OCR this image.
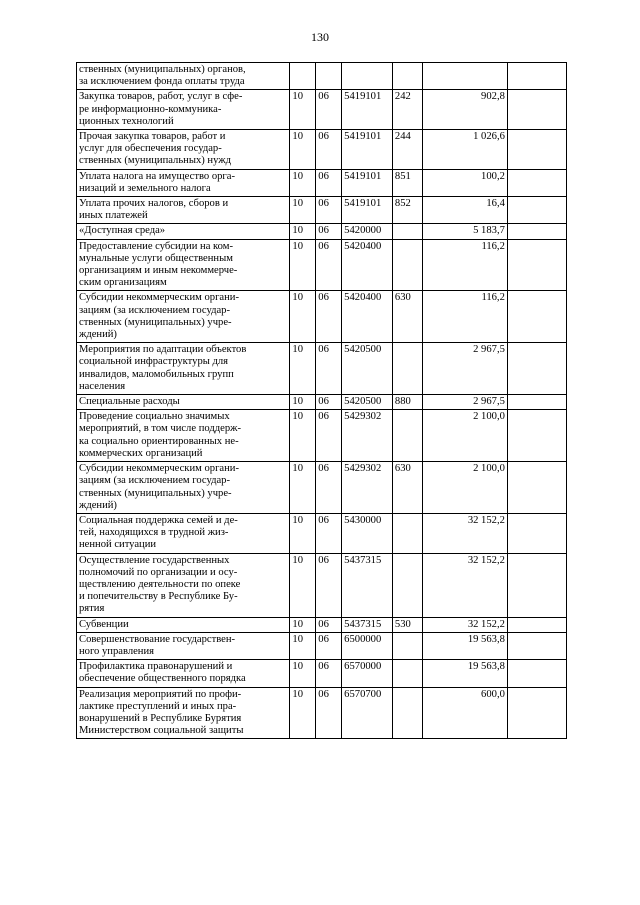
130
ственных (муниципальных) органов,
за исключением фонда оплаты труда						
Закупка товаров, работ, услуг в сфе-
ре информационно-коммуника-
ционных технологий	10	06	5419101	242	902,8	
Прочая закупка товаров, работ и
услуг для обеспечения государ-
ственных (муниципальных) нужд	10	06	5419101	244	1 026,6	
Уплата налога на имущество орга-
низаций и земельного налога	10	06	5419101	851	100,2	
Уплата прочих налогов, сборов и
иных платежей	10	06	5419101	852	16,4	
«Доступная среда»	10	06	5420000		5 183,7	
Предоставление субсидии на ком-
мунальные услуги общественным
организациям и иным некоммерче-
ским организациям	10	06	5420400		116,2	
Субсидии некоммерческим органи-
зациям (за исключением государ-
ственных (муниципальных) учре-
ждений)	10	06	5420400	630	116,2	
Мероприятия по адаптации объектов
социальной инфраструктуры для
инвалидов, маломобильных групп
населения	10	06	5420500		2 967,5	
Специальные расходы	10	06	5420500	880	2 967,5	
Проведение социально значимых
мероприятий, в том числе поддерж-
ка социально ориентированных не-
коммерческих организаций	10	06	5429302		2 100,0	
Субсидии некоммерческим органи-
зациям (за исключением государ-
ственных (муниципальных) учре-
ждений)	10	06	5429302	630	2 100,0	
Социальная поддержка семей и де-
тей, находящихся в трудной жиз-
ненной ситуации	10	06	5430000		32 152,2	
Осуществление государственных
полномочий по организации и осу-
ществлению деятельности по опеке
и попечительству в Республике Бу-
рятия	10	06	5437315		32 152,2	
Субвенции	10	06	5437315	530	32 152,2	
Совершенствование государствен-
ного управления	10	06	6500000		19 563,8	
Профилактика правонарушений и
обеспечение общественного порядка	10	06	6570000		19 563,8	
Реализация мероприятий по профи-
лактике преступлений и иных пра-
вонарушений в Республике Бурятия
Министерством социальной защиты	10	06	6570700		600,0	
